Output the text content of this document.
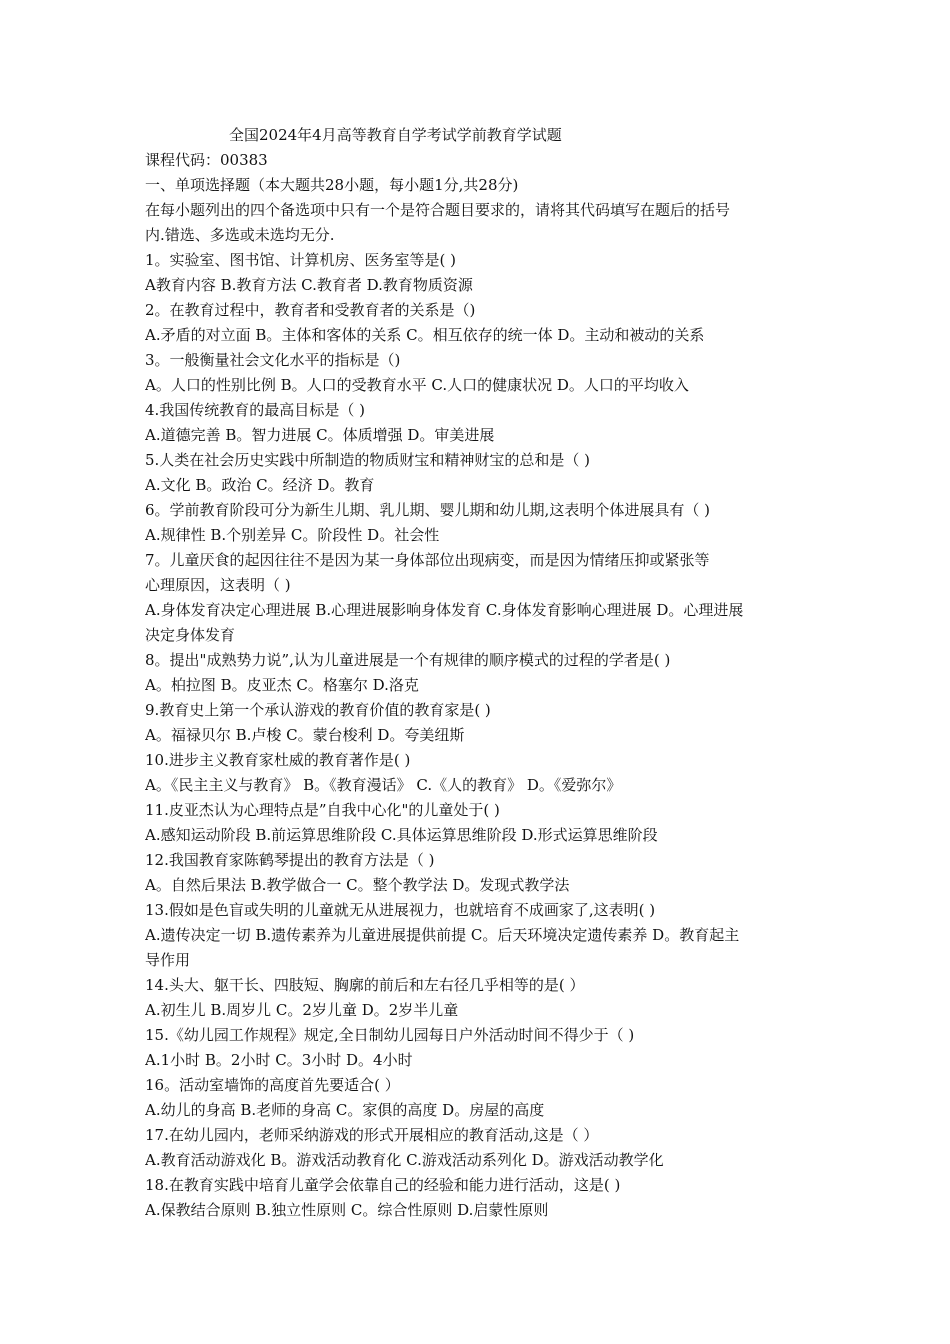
全国2024年4月高等教育自学考试学前教育学试题
课程代码：00383
一、单项选择题（本大题共28小题，每小题1分,共28分)
在每小题列出的四个备选项中只有一个是符合题目要求的，请将其代码填写在题后的括号
内.错选、多选或未选均无分.
1。实验室、图书馆、计算机房、医务室等是( )
A教育内容 B.教育方法 C.教育者 D.教育物质资源
2。在教育过程中，教育者和受教育者的关系是（)
A.矛盾的对立面 B。主体和客体的关系 C。相互依存的统一体 D。主动和被动的关系
3。一般衡量社会文化水平的指标是（)
A。人口的性别比例 B。人口的受教育水平 C.人口的健康状况 D。人口的平均收入
4.我国传统教育的最高目标是（ )
A.道德完善 B。智力进展 C。体质增强 D。审美进展
5.人类在社会历史实践中所制造的物质财宝和精神财宝的总和是（ )
A.文化 B。政治 C。经济 D。教育
6。学前教育阶段可分为新生儿期、乳儿期、婴儿期和幼儿期,这表明个体进展具有（ )
A.规律性 B.个别差异 C。阶段性 D。社会性
7。儿童厌食的起因往往不是因为某一身体部位出现病变，而是因为情绪压抑或紧张等
心理原因，这表明（ )
A.身体发育决定心理进展 B.心理进展影响身体发育 C.身体发育影响心理进展 D。心理进展
决定身体发育
8。提出"成熟势力说”,认为儿童进展是一个有规律的顺序模式的过程的学者是( )
A。柏拉图 B。皮亚杰 C。格塞尔 D.洛克
9.教育史上第一个承认游戏的教育价值的教育家是( )
A。福禄贝尔 B.卢梭 C。蒙台梭利 D。夸美纽斯
10.进步主义教育家杜威的教育著作是( )
A。《民主主义与教育》 B。《教育漫话》 C.《人的教育》 D。《爱弥尔》
11.皮亚杰认为心理特点是”自我中心化"的儿童处于( )
A.感知运动阶段 B.前运算思维阶段 C.具体运算思维阶段 D.形式运算思维阶段
12.我国教育家陈鹤琴提出的教育方法是（ )
A。自然后果法 B.教学做合一 C。整个教学法 D。发现式教学法
13.假如是色盲或失明的儿童就无从进展视力，也就培育不成画家了,这表明( )
A.遗传决定一切 B.遗传素养为儿童进展提供前提 C。后天环境决定遗传素养 D。教育起主
导作用
14.头大、躯干长、四肢短、胸廓的前后和左右径几乎相等的是( ）
A.初生儿 B.周岁儿 C。2岁儿童 D。2岁半儿童
15.《幼儿园工作规程》规定,全日制幼儿园每日户外活动时间不得少于（ )
A.1小时 B。2小时 C。3小时 D。4小时
16。活动室墙饰的高度首先要适合( ）
A.幼儿的身高 B.老师的身高 C。家俱的高度 D。房屋的高度
17.在幼儿园内，老师采纳游戏的形式开展相应的教育活动,这是（ ）
A.教育活动游戏化 B。游戏活动教育化 C.游戏活动系列化 D。游戏活动教学化
18.在教育实践中培育儿童学会依靠自己的经验和能力进行活动，这是( )
A.保教结合原则 B.独立性原则 C。综合性原则 D.启蒙性原则
